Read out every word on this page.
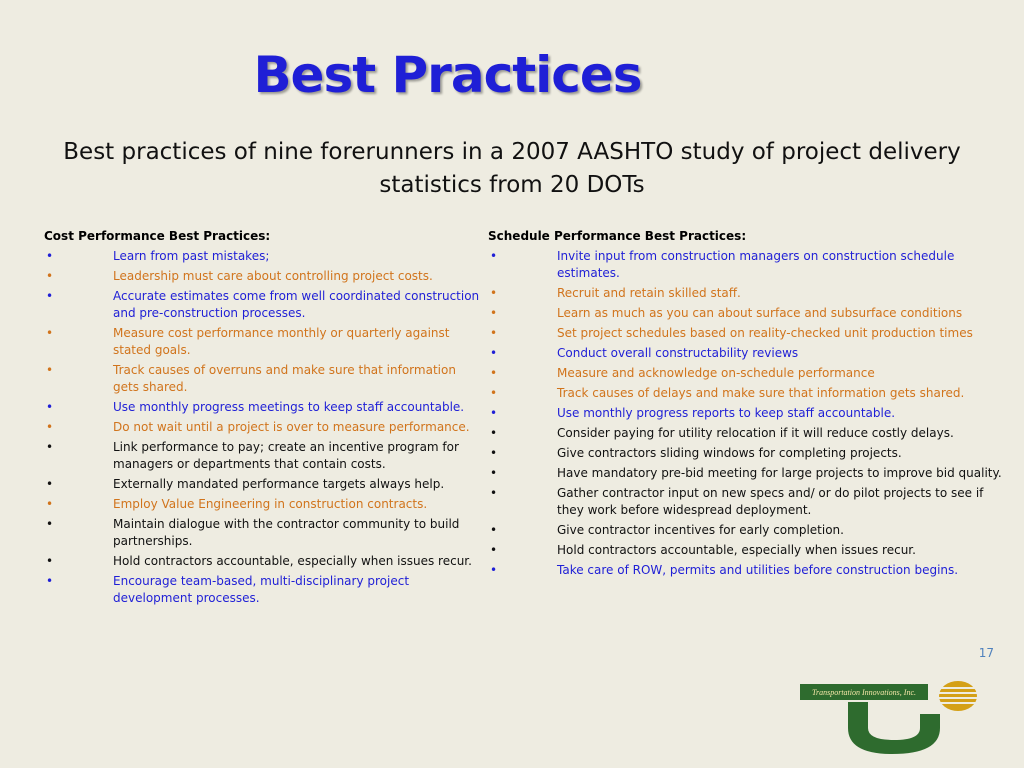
Best Practices
Best practices of nine forerunners in a 2007 AASHTO study of project delivery statistics from 20 DOTs
Cost Performance Best Practices:
•	Learn from past mistakes;
•	Leadership must care about controlling project costs.
•	Accurate estimates come from well coordinated construction and pre-construction processes.
•	Measure cost performance monthly or quarterly against stated goals.
•	Track causes of overruns and make sure that information gets shared.
•	Use monthly progress meetings to keep staff accountable.
•	Do not wait until a project is over to measure performance.
•	Link performance to pay; create an incentive program for managers or departments that contain costs.
•	Externally mandated performance targets always help.
•	Employ Value Engineering in construction contracts.
•	Maintain dialogue with the contractor community to build partnerships.
•	Hold contractors accountable, especially when issues recur.
•	Encourage team-based, multi-disciplinary project development processes.
Schedule Performance Best Practices:
•	Invite input from construction managers on construction schedule estimates.
•	Recruit and retain skilled staff.
•	Learn as much as you can about surface and subsurface conditions
•	Set project schedules based on reality-checked unit production times
•	Conduct overall constructability reviews
•	Measure and acknowledge on-schedule performance
•	Track causes of delays and make sure that information gets shared.
•	Use monthly progress reports to keep staff accountable.
•	Consider paying for utility relocation if it will reduce costly delays.
•	Give contractors sliding windows for completing projects.
•	Have mandatory pre-bid meeting for large projects to improve bid quality.
•	Gather contractor input on new specs and/ or do pilot projects to see if they work before widespread deployment.
•	Give contractor incentives for early completion.
•	Hold contractors accountable, especially when issues recur.
•	Take care of ROW, permits and utilities before construction begins.
17
Transportation Innovations, Inc.
